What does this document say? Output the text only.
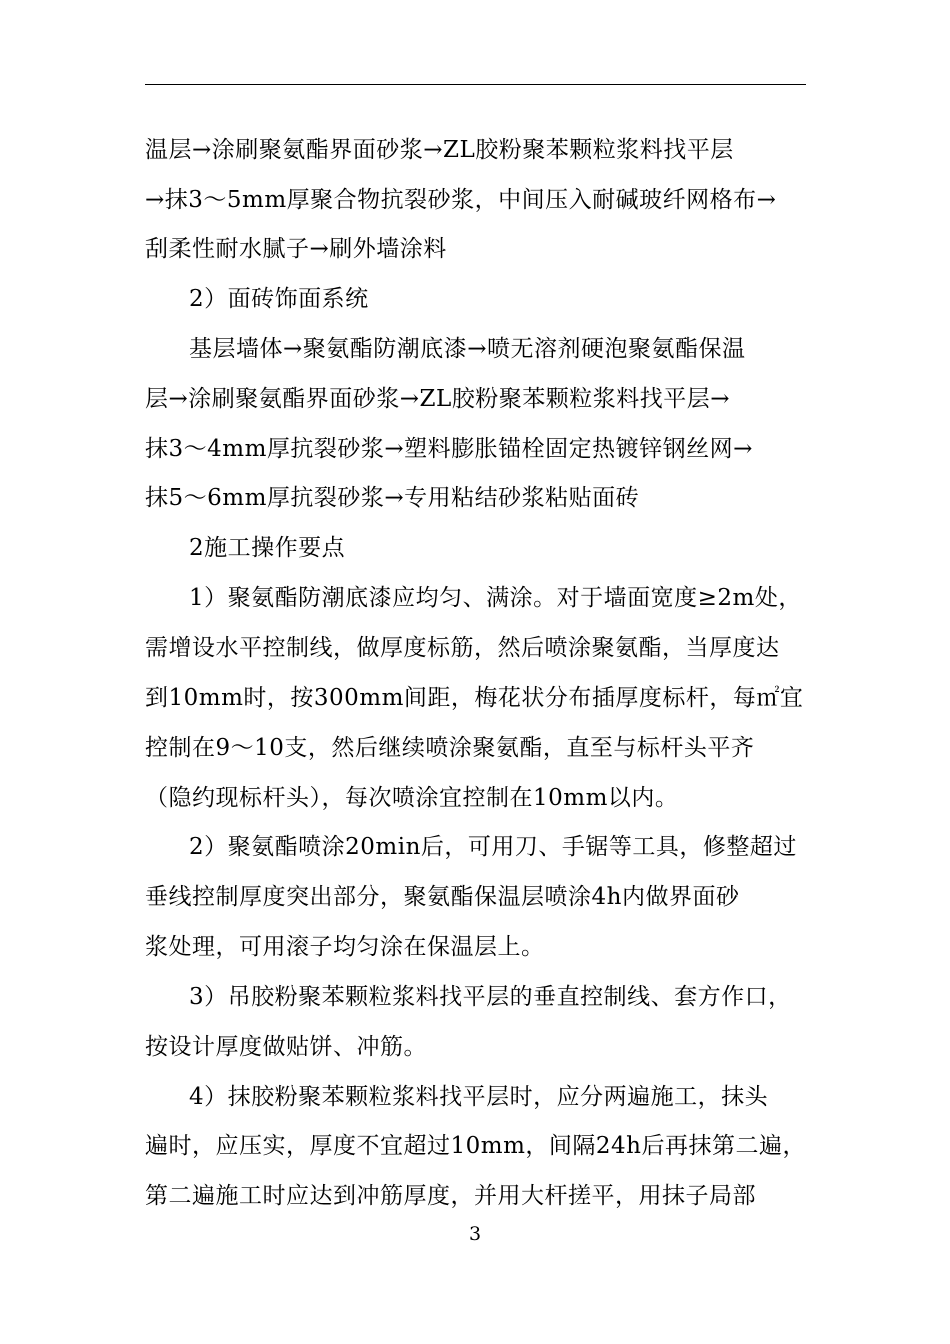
温层→涂刷聚氨酯界面砂浆→ZL胶粉聚苯颗粒浆料找平层
→抹3～5mm厚聚合物抗裂砂浆，中间压入耐碱玻纤网格布→
刮柔性耐水腻子→刷外墙涂料
2）面砖饰面系统
基层墙体→聚氨酯防潮底漆→喷无溶剂硬泡聚氨酯保温
层→涂刷聚氨酯界面砂浆→ZL胶粉聚苯颗粒浆料找平层→
抹3～4mm厚抗裂砂浆→塑料膨胀锚栓固定热镀锌钢丝网→
抹5～6mm厚抗裂砂浆→专用粘结砂浆粘贴面砖
2施工操作要点
1）聚氨酯防潮底漆应均匀、满涂。对于墙面宽度≥2m处，
需增设水平控制线，做厚度标筋，然后喷涂聚氨酯，当厚度达
到10mm时，按300mm间距，梅花状分布插厚度标杆，每㎡宜
控制在9～10支，然后继续喷涂聚氨酯，直至与标杆头平齐
（隐约现标杆头），每次喷涂宜控制在10mm以内。
2）聚氨酯喷涂20min后，可用刀、手锯等工具，修整超过
垂线控制厚度突出部分，聚氨酯保温层喷涂4h内做界面砂
浆处理，可用滚子均匀涂在保温层上。
3）吊胶粉聚苯颗粒浆料找平层的垂直控制线、套方作口，
按设计厚度做贴饼、冲筋。
4）抹胶粉聚苯颗粒浆料找平层时，应分两遍施工，抹头
遍时，应压实，厚度不宜超过10mm，间隔24h后再抹第二遍，
第二遍施工时应达到冲筋厚度，并用大杆搓平，用抹子局部
3
